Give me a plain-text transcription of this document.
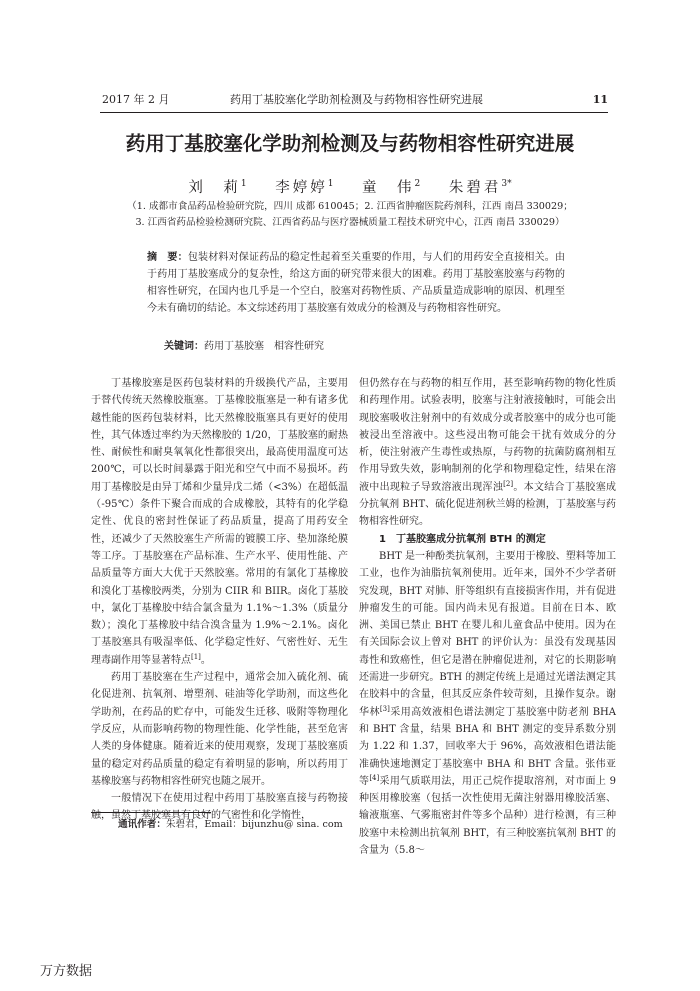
2017 年 2 月	药用丁基胶塞化学助剂检测及与药物相容性研究进展	11
药用丁基胶塞化学助剂检测及与药物相容性研究进展
刘　莉$^1$ 李婷婷$^1$ 童　伟$^2$ 朱碧君$^{3*}$
（1. 成都市食品药品检验研究院，四川 成都 610045；2. 江西省肿瘤医院药剂科，江西 南昌 330029；
3. 江西省药品检验检测研究院、江西省药品与医疗器械质量工程技术研究中心，江西 南昌 330029）
摘　要：包装材料对保证药品的稳定性起着至关重要的作用，与人们的用药安全直接相关。由于药用丁基胶塞成分的复杂性，给这方面的研究带来很大的困难。药用丁基胶塞胶塞与药物的相容性研究，在国内也几乎是一个空白，胶塞对药物性质、产品质量造成影响的原因、机理至今未有确切的结论。本文综述药用丁基胶塞有效成分的检测及与药物相容性研究。
关键词：药用丁基胶塞　相容性研究

丁基橡胶塞是医药包装材料的升级换代产品，主要用于替代传统天然橡胶瓶塞。丁基橡胶瓶塞是一种有诸多优越性能的医药包装材料，比天然橡胶瓶塞具有更好的使用性，其气体透过率约为天然橡胶的 1/20，丁基胶塞的耐热性、耐候性和耐臭氧氧化性都很突出，最高使用温度可达 200℃，可以长时间暴露于阳光和空气中而不易损坏。药用丁基橡胶是由异丁烯和少量异戊二烯（<3%）在超低温（-95℃）条件下聚合而成的合成橡胶，其特有的化学稳定性、优良的密封性保证了药品质量，提高了用药安全性，还减少了天然胶塞生产所需的镀膜工序、垫加涤纶膜等工序。丁基胶塞在产品标准、生产水平、使用性能、产品质量等方面大大优于天然胶塞。常用的有氯化丁基橡胶和溴化丁基橡胶两类，分别为 CIIR 和 BIIR。卤化丁基胶中，氯化丁基橡胶中结合氯含量为 1.1%～1.3%（质量分数）；溴化丁基橡胶中结合溴含量为 1.9%～2.1%。卤化丁基胶塞具有吸湿率低、化学稳定性好、气密性好、无生理毒副作用等显著特点[1]。

药用丁基胶塞在生产过程中，通常会加入硫化剂、硫化促进剂、抗氧剂、增塑剂、硅油等化学助剂，而这些化学助剂，在药品的贮存中，可能发生迁移、吸附等物理化学反应，从而影响药物的物理性能、化学性能，甚至危害人类的身体健康。随着近来的使用观察，发现丁基胶塞质量的稳定对药品质量的稳定有着明显的影响，所以药用丁基橡胶塞与药物相容性研究也随之展开。

一般情况下在使用过程中药用丁基胶塞直接与药物接触，虽然丁基胶塞具有良好的气密性和化学惰性，

但仍然存在与药物的相互作用，甚至影响药物的物化性质和药理作用。试验表明，胶塞与注射液接触时，可能会出现胶塞吸收注射剂中的有效成分或者胶塞中的成分也可能被浸出至溶液中。这些浸出物可能会干扰有效成分的分析，使注射液产生毒性或热原，与药物的抗菌防腐剂相互作用导致失效，影响制剂的化学和物理稳定性，结果在溶液中出现粒子导致溶液出现浑浊[2]。本文结合丁基胶塞成分抗氧剂 BHT、硫化促进剂秋兰姆的检测，丁基胶塞与药物相容性研究。

1　丁基胶塞成分抗氧剂 BTH 的测定

BHT 是一种酚类抗氧剂，主要用于橡胶、塑料等加工工业，也作为油脂抗氧剂使用。近年来，国外不少学者研究发现，BHT 对肺、肝等组织有直接损害作用，并有促进肿瘤发生的可能。国内尚未见有报道。目前在日本、欧洲、美国已禁止 BHT 在婴儿和儿童食品中使用。因为在有关国际会议上曾对 BHT 的评价认为：虽没有发现基因毒性和致癌性，但它是潜在肿瘤促进剂，对它的长期影响还需进一步研究。BTH 的测定传统上是通过光谱法测定其在胶料中的含量，但其反应条件较苛刻，且操作复杂。谢华林[3]采用高效液相色谱法测定丁基胶塞中防老剂 BHA 和 BHT 含量，结果 BHA 和 BHT 测定的变异系数分别为 1.22 和 1.37，回收率大于 96%，高效液相色谱法能准确快速地测定丁基胶塞中 BHA 和 BHT 含量。张伟亚等[4]采用气质联用法，用正己烷作提取溶剂，对市面上 9 种医用橡胶塞（包括一次性使用无菌注射器用橡胶活塞、输液瓶塞、气雾瓶密封件等多个品种）进行检测，有三种胶塞中未检测出抗氧剂 BHT，有三种胶塞抗氧剂 BHT 的含量为（5.8～

通讯作者：朱碧君，Email：bijunzhu@ sina. com
万方数据
